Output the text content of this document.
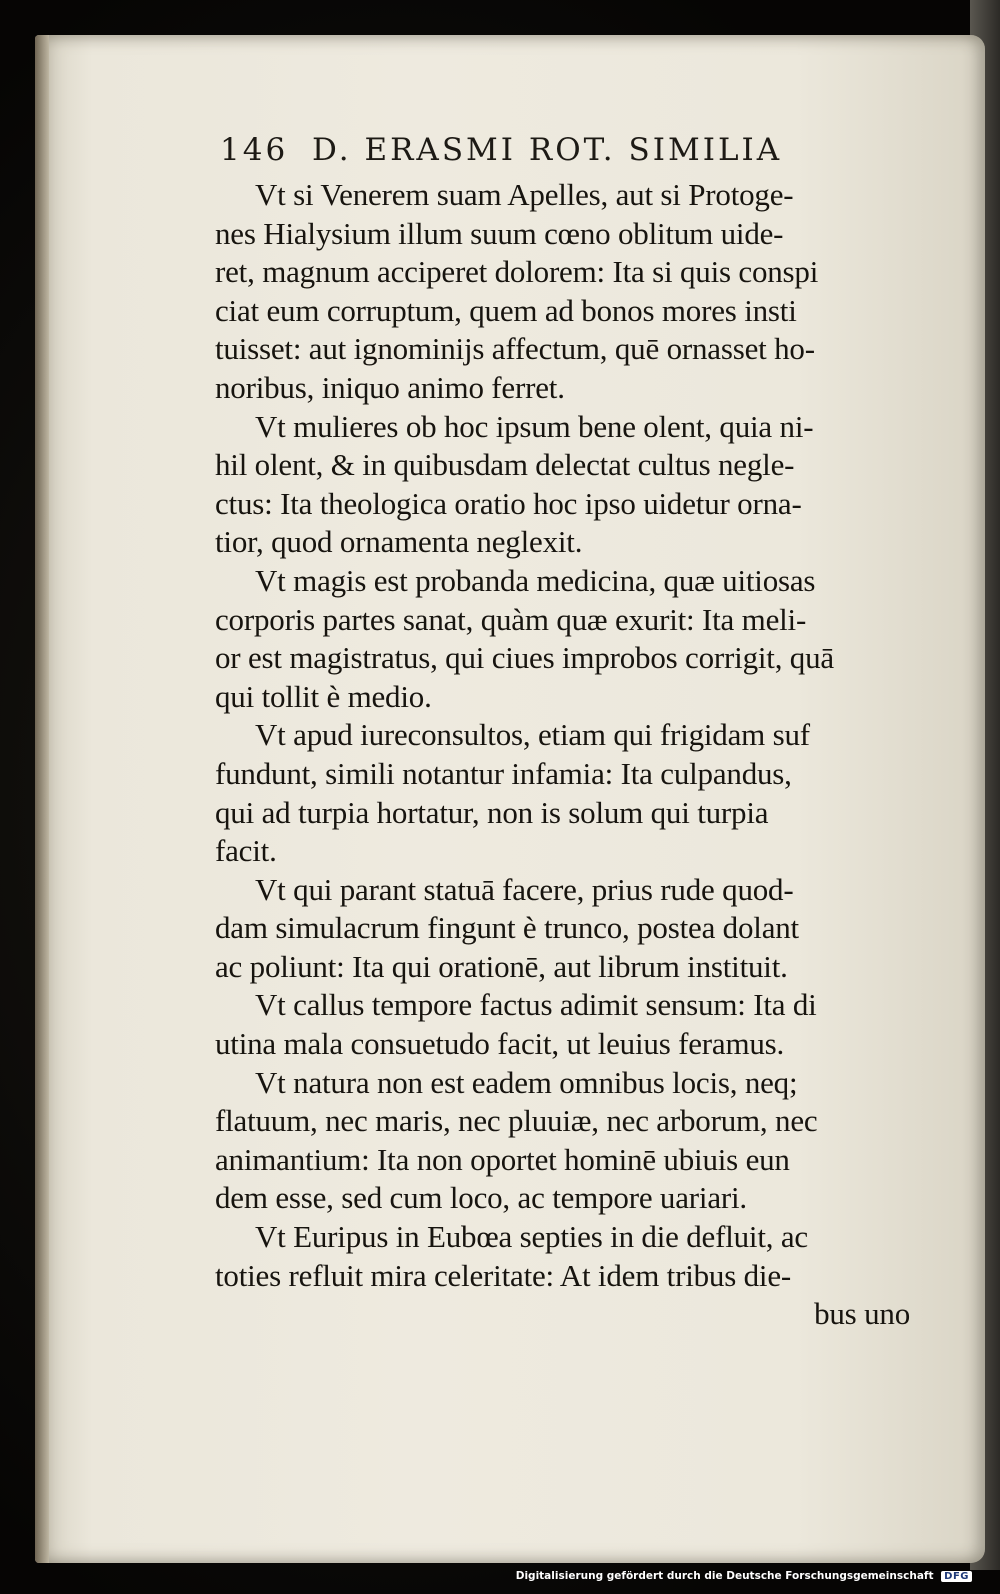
146 D. ERASMI ROT. SIMILIA
Vt si Venerem suam Apelles, aut si Protoge-
nes Hialysium illum suum cœno oblitum uide-
ret, magnum acciperet dolorem: Ita si quis conspi
ciat eum corruptum, quem ad bonos mores insti
tuisset: aut ignominijs affectum, quē ornasset ho-
noribus, iniquo animo ferret.
Vt mulieres ob hoc ipsum bene olent, quia ni-
hil olent, & in quibusdam delectat cultus negle-
ctus: Ita theologica oratio hoc ipso uidetur orna-
tior, quod ornamenta neglexit.
Vt magis est probanda medicina, quæ uitiosas
corporis partes sanat, quàm quæ exurit: Ita meli-
or est magistratus, qui ciues improbos corrigit, quā
qui tollit è medio.
Vt apud iureconsultos, etiam qui frigidam suf
fundunt, simili notantur infamia: Ita culpandus,
qui ad turpia hortatur, non is solum qui turpia
facit.
Vt qui parant statuā facere, prius rude quod-
dam simulacrum fingunt è trunco, postea dolant
ac poliunt: Ita qui orationē, aut librum instituit.
Vt callus tempore factus adimit sensum: Ita di
utina mala consuetudo facit, ut leuius feramus.
Vt natura non est eadem omnibus locis, neq;
flatuum, nec maris, nec pluuiæ, nec arborum, nec
animantium: Ita non oportet hominē ubiuis eun
dem esse, sed cum loco, ac tempore uariari.
Vt Euripus in Eubœa septies in die defluit, ac
toties refluit mira celeritate: At idem tribus die-
bus uno
Digitalisierung gefördert durch die Deutsche Forschungsgemeinschaft DFG
